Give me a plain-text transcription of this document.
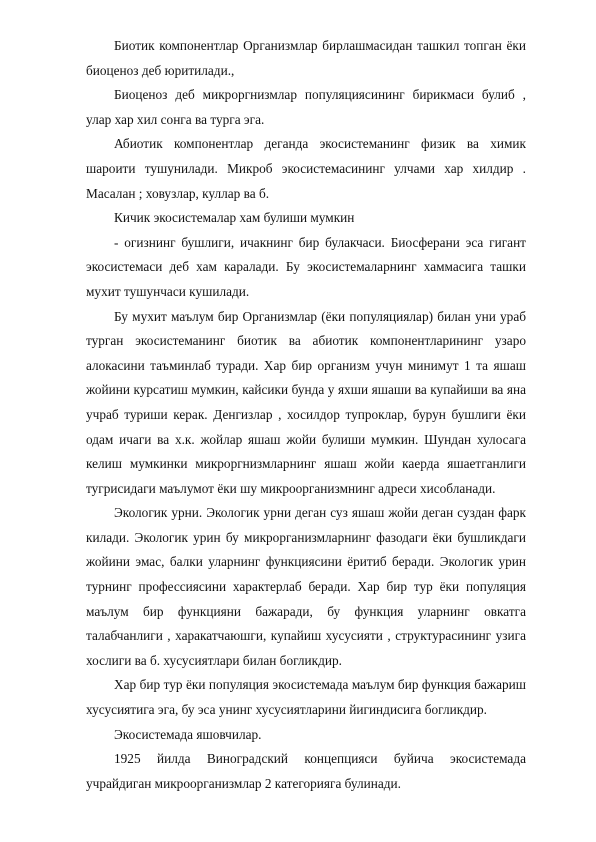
Биотик компонентлар Организмлар бирлашмасидан ташкил топган ёки биоценоз деб юритилади.,

Биоценоз деб микроргнизмлар популяциясининг бирикмаси булиб , улар хар хил сонга ва турга эга.

Абиотик компонентлар деганда экосистеманинг физик ва химик шароити тушунилади. Микроб экосистемасининг улчами хар хилдир . Масалан ; ховузлар, куллар ва б.

Кичик экосистемалар хам булиши мумкин

- огизнинг бушлиги, ичакнинг бир булакчаси. Биосферани эса гигант экосистемаси деб хам каралади. Бу экосистемаларнинг хаммасига ташки мухит тушунчаси кушилади.

Бу мухит маълум бир Организмлар (ёки популяциялар) билан уни ураб турган экосистеманинг биотик ва абиотик компонентларининг узаро алокасини таъминлаб туради. Хар бир организм учун минимут 1 та яшаш жойини курсатиш мумкин, кайсики бунда у яхши яшаши ва купайиши ва яна учраб туриши керак. Денгизлар , хосилдор тупроклар, бурун бушлиги ёки одам ичаги ва х.к. жойлар яшаш жойи булиши мумкин. Шундан хулосага келиш мумкинки микроргнизмларнинг яшаш жойи каерда яшаетганлиги тугрисидаги маълумот ёки шу микроорганизмнинг адреси хисобланади.

Экологик урни. Экологик урни деган суз яшаш жойи деган суздан фарк килади. Экологик урин бу микрорганизмларнинг фазодаги ёки бушликдаги жойини эмас, балки уларнинг функциясини ёритиб беради. Экологик урин турнинг профессиясини характерлаб беради. Хар бир тур ёки популяция маълум бир функцияни бажаради, бу функция уларнинг овкатга талабчанлиги , харакатчаюшги, купайиш хусусияти , структурасининг узига хослиги ва б. хусусиятлари билан богликдир.

Хар бир тур ёки популяция экосистемада маълум бир функция бажариш хусусиятига эга, бу эса унинг хусусиятларини йигиндисига богликдир.

Экосистемада яшовчилар.

1925 йилда Виноградский концепцияси буйича экосистемада учрайдиган микроорганизмлар 2 категорияга булинади.
